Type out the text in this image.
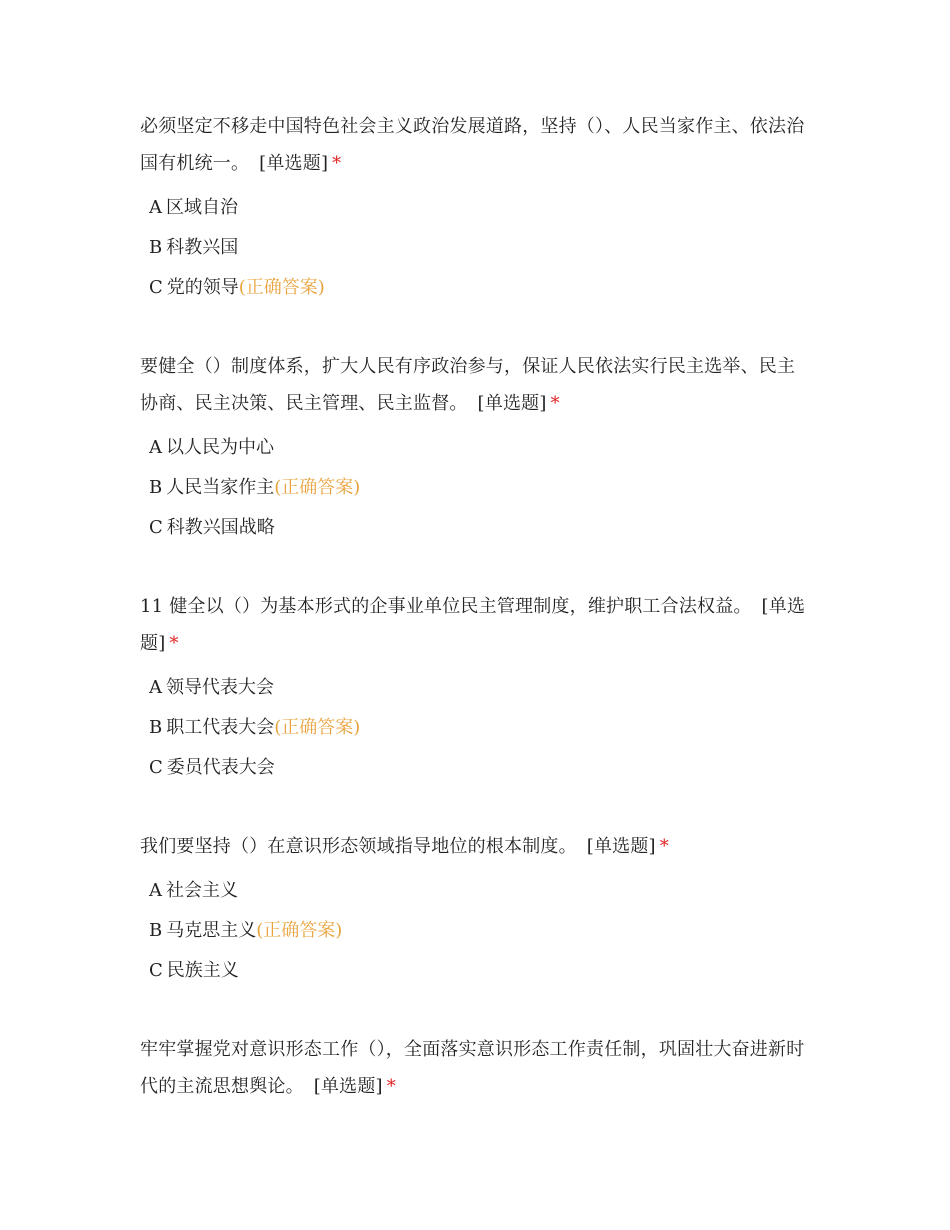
必须坚定不移走中国特色社会主义政治发展道路，坚持（）、人民当家作主、依法治国有机统一。 [单选题] *

A 区域自治
B 科教兴国
C 党的领导(正确答案)

要健全（）制度体系，扩大人民有序政治参与，保证人民依法实行民主选举、民主协商、民主决策、民主管理、民主监督。 [单选题] *

A 以人民为中心
B 人民当家作主(正确答案)
C 科教兴国战略

11 健全以（）为基本形式的企事业单位民主管理制度，维护职工合法权益。 [单选题] *

A 领导代表大会
B 职工代表大会(正确答案)
C 委员代表大会

我们要坚持（）在意识形态领域指导地位的根本制度。 [单选题] *

A 社会主义
B 马克思主义(正确答案)
C 民族主义

牢牢掌握党对意识形态工作（），全面落实意识形态工作责任制，巩固壮大奋进新时代的主流思想舆论。 [单选题] *
